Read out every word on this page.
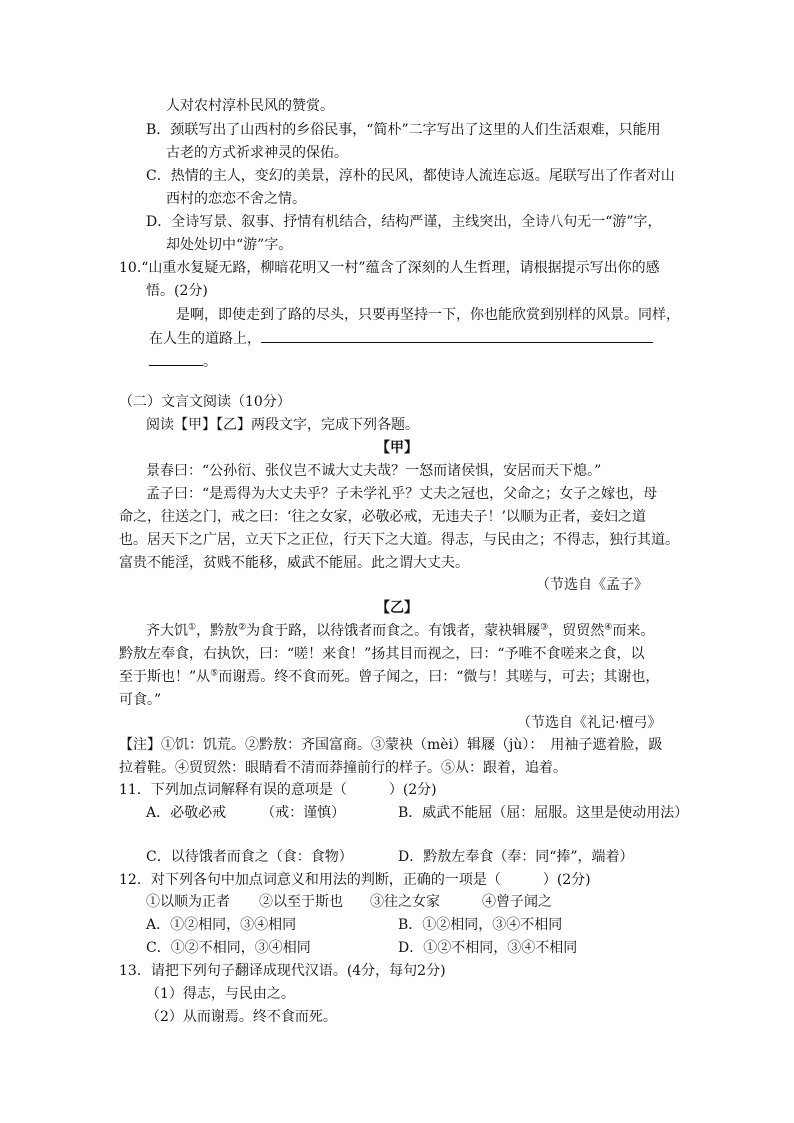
人对农村淳朴民风的赞赏。
B．颈联写出了山西村的乡俗民事，“简朴”二字写出了这里的人们生活艰难，只能用
古老的方式祈求神灵的保佑。
C．热情的主人，变幻的美景，淳朴的民风，都使诗人流连忘返。尾联写出了作者对山
西村的恋恋不舍之情。
D．全诗写景、叙事、抒情有机结合，结构严谨，主线突出，全诗八句无一“游”字，
却处处切中“游”字。
10.“山重水复疑无路，柳暗花明又一村”蕴含了深刻的人生哲理，请根据提示写出你的感
悟。(2分)
是啊，即使走到了路的尽头，只要再坚持一下，你也能欣赏到别样的风景。同样，
在人生的道路上，
。
（二）文言文阅读（10分）
阅读【甲】【乙】两段文字，完成下列各题。
【甲】
景春曰：“公孙衍、张仪岂不诚大丈夫哉？一怒而诸侯惧，安居而天下熄。”
孟子曰：“是焉得为大丈夫乎？子未学礼乎？丈夫之冠也，父命之；女子之嫁也，母
命之，往送之门，戒之曰：‘往之女家，必敬必戒，无违夫子！’以顺为正者，妾妇之道
也。居天下之广居，立天下之正位，行天下之大道。得志，与民由之；不得志，独行其道。
富贵不能淫，贫贱不能移，威武不能屈。此之谓大丈夫。
（节选自《孟子》
【乙】
齐大饥①，黔敖②为食于路，以待饿者而食之。有饿者，蒙袂辑屦③，贸贸然④而来。
黔敖左奉食，右执饮，曰：“嗟！来食！”扬其目而视之，曰：“予唯不食嗟来之食，以
至于斯也！”从⑤而谢焉。终不食而死。曾子闻之，曰：“微与！其嗟与，可去；其谢也，
可食。”
（节选自《礼记·檀弓》
【注】①饥：饥荒。②黔敖：齐国富商。③蒙袂（mèi）辑屦（jù）：　用袖子遮着脸，趿
拉着鞋。④贸贸然：眼睛看不清而莽撞前行的样子。⑤从：跟着，追着。
11．下列加点词解释有误的意项是（　　　）(2分)
A．必敬必戒　　　（戒：谨慎）	B．威武不能屈（屈：屈服。这里是使动用法）
C．以待饿者而食之（食：食物）	D．黔敖左奉食（奉：同“捧”，端着）
12．对下列各句中加点词意义和用法的判断，正确的一项是（　　　）(2分)
①以顺为正者 ②以至于斯也 ③往之女家	④曾子闻之
A．①②相同，③④相同	B．①②相同，③④不相同
C．①②不相同，③④相同	D．①②不相同，③④不相同
13．请把下列句子翻译成现代汉语。(4分，每句2分)
（1）得志，与民由之。
（2）从而谢焉。终不食而死。
